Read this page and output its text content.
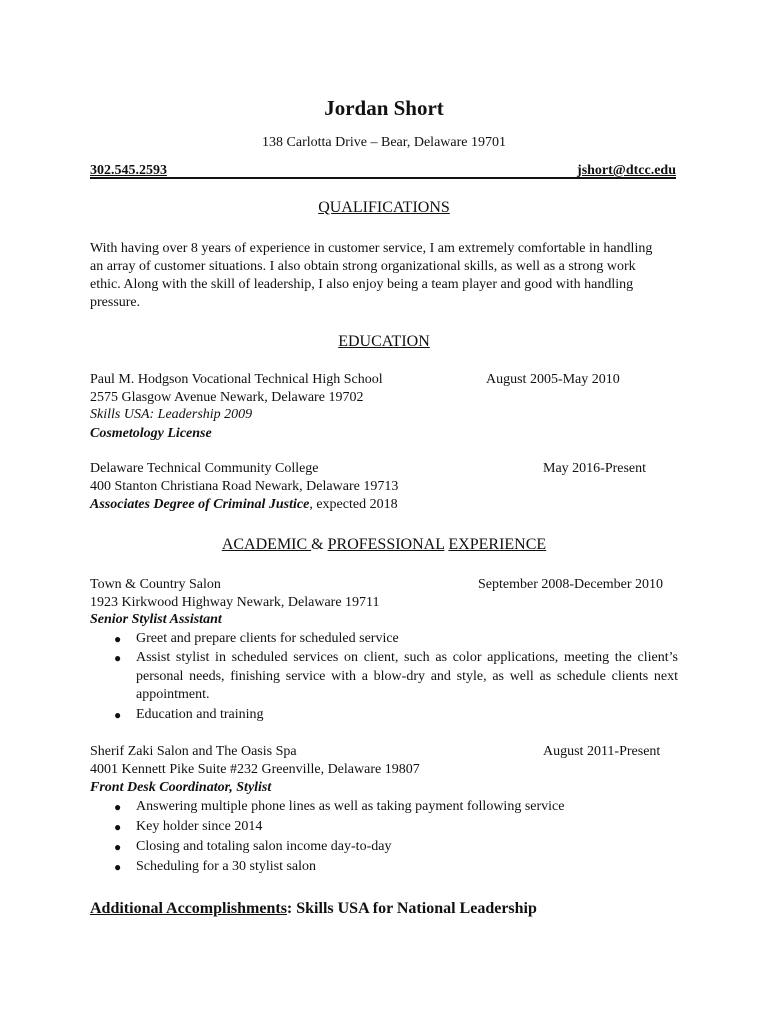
Jordan Short
138 Carlotta Drive – Bear, Delaware 19701
302.545.2593	jshort@dtcc.edu
QUALIFICATIONS
With having over 8 years of experience in customer service, I am extremely comfortable in handling an array of customer situations. I also obtain strong organizational skills, as well as a strong work ethic. Along with the skill of leadership, I also enjoy being a team player and good with handling pressure.
EDUCATION
Paul M. Hodgson Vocational Technical High School	August 2005-May 2010
2575 Glasgow Avenue Newark, Delaware 19702
Skills USA: Leadership 2009
Cosmetology License
Delaware Technical Community College	May 2016-Present
400 Stanton Christiana Road Newark, Delaware 19713
Associates Degree of Criminal Justice, expected 2018
ACADEMIC & PROFESSIONAL EXPERIENCE
Town & Country Salon	September 2008-December 2010
1923 Kirkwood Highway Newark, Delaware 19711
Senior Stylist Assistant
● Greet and prepare clients for scheduled service
● Assist stylist in scheduled services on client, such as color applications, meeting the client’s personal needs, finishing service with a blow-dry and style, as well as schedule clients next appointment.
● Education and training
Sherif Zaki Salon and The Oasis Spa	August 2011-Present
4001 Kennett Pike Suite #232 Greenville, Delaware 19807
Front Desk Coordinator, Stylist
● Answering multiple phone lines as well as taking payment following service
● Key holder since 2014
● Closing and totaling salon income day-to-day
● Scheduling for a 30 stylist salon
Additional Accomplishments: Skills USA for National Leadership
